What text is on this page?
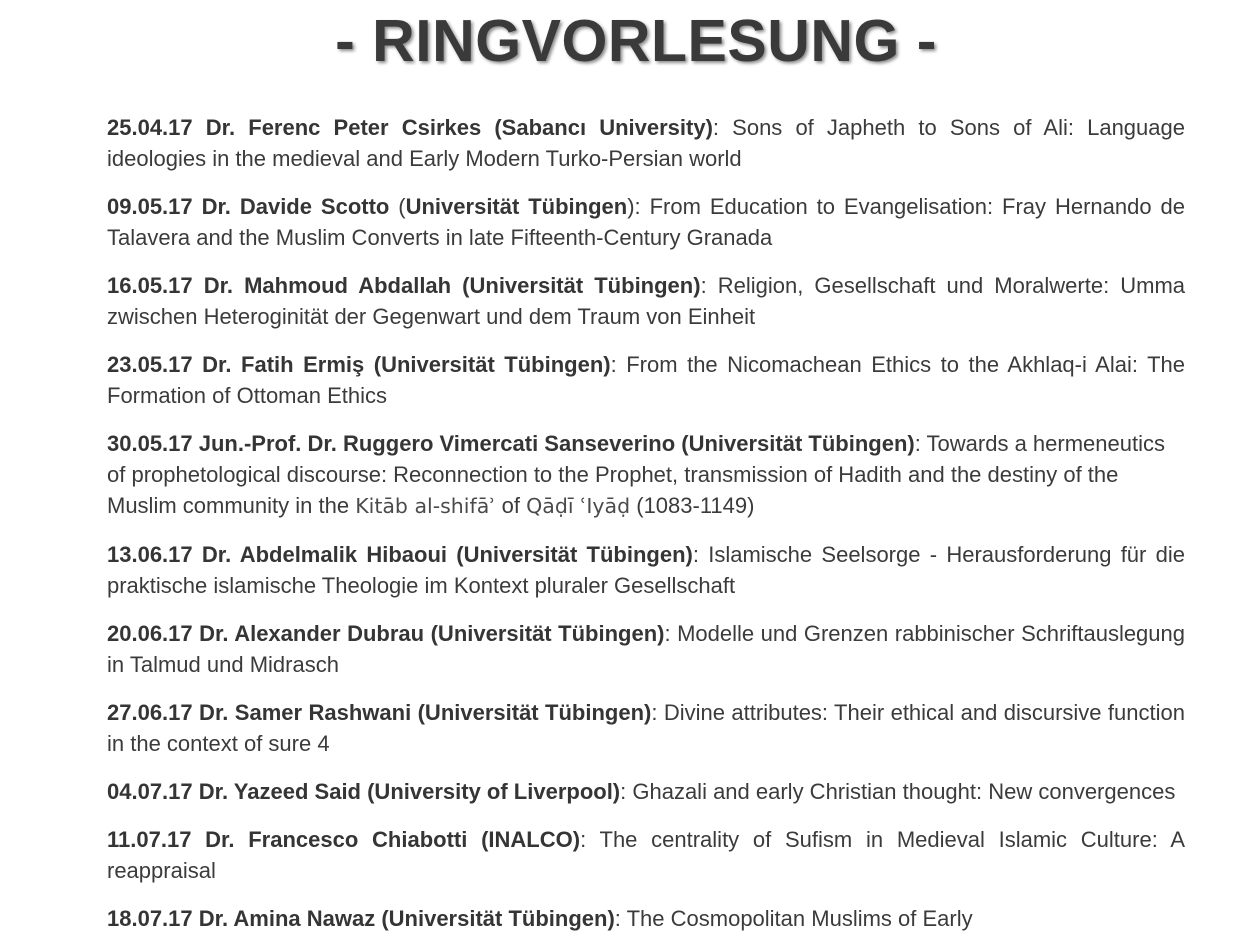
- RINGVORLESUNG -

25.04.17 Dr. Ferenc Peter Csirkes (Sabancı University): Sons of Japheth to Sons of Ali: Language ideologies in the medieval and Early Modern Turko-Persian world

09.05.17 Dr. Davide Scotto (Universität Tübingen): From Education to Evangelisation: Fray Hernando de Talavera and the Muslim Converts in late Fifteenth-Century Granada

16.05.17 Dr. Mahmoud Abdallah (Universität Tübingen): Religion, Gesellschaft und Moralwerte: Umma zwischen Heteroginität der Gegenwart und dem Traum von Einheit

23.05.17 Dr. Fatih Ermiş (Universität Tübingen): From the Nicomachean Ethics to the Akhlaq-i Alai: The Formation of Ottoman Ethics

30.05.17 Jun.-Prof. Dr. Ruggero Vimercati Sanseverino (Universität Tübingen): Towards a hermeneutics of prophetological discourse: Reconnection to the Prophet, transmission of Hadith and the destiny of the Muslim community in the Kitāb al-shifāʾ of Qāḍī ʿIyāḍ (1083-1149)

13.06.17 Dr. Abdelmalik Hibaoui (Universität Tübingen): Islamische Seelsorge - Herausforderung für die praktische islamische Theologie im Kontext pluraler Gesellschaft

20.06.17 Dr. Alexander Dubrau (Universität Tübingen): Modelle und Grenzen rabbinischer Schriftauslegung in Talmud und Midrasch

27.06.17 Dr. Samer Rashwani (Universität Tübingen): Divine attributes: Their ethical and discursive function in the context of sure 4

04.07.17 Dr. Yazeed Said (University of Liverpool): Ghazali and early Christian thought: New convergences

11.07.17 Dr. Francesco Chiabotti (INALCO): The centrality of Sufism in Medieval Islamic Culture: A reappraisal

18.07.17 Dr. Amina Nawaz (Universität Tübingen): The Cosmopolitan Muslims of Early
